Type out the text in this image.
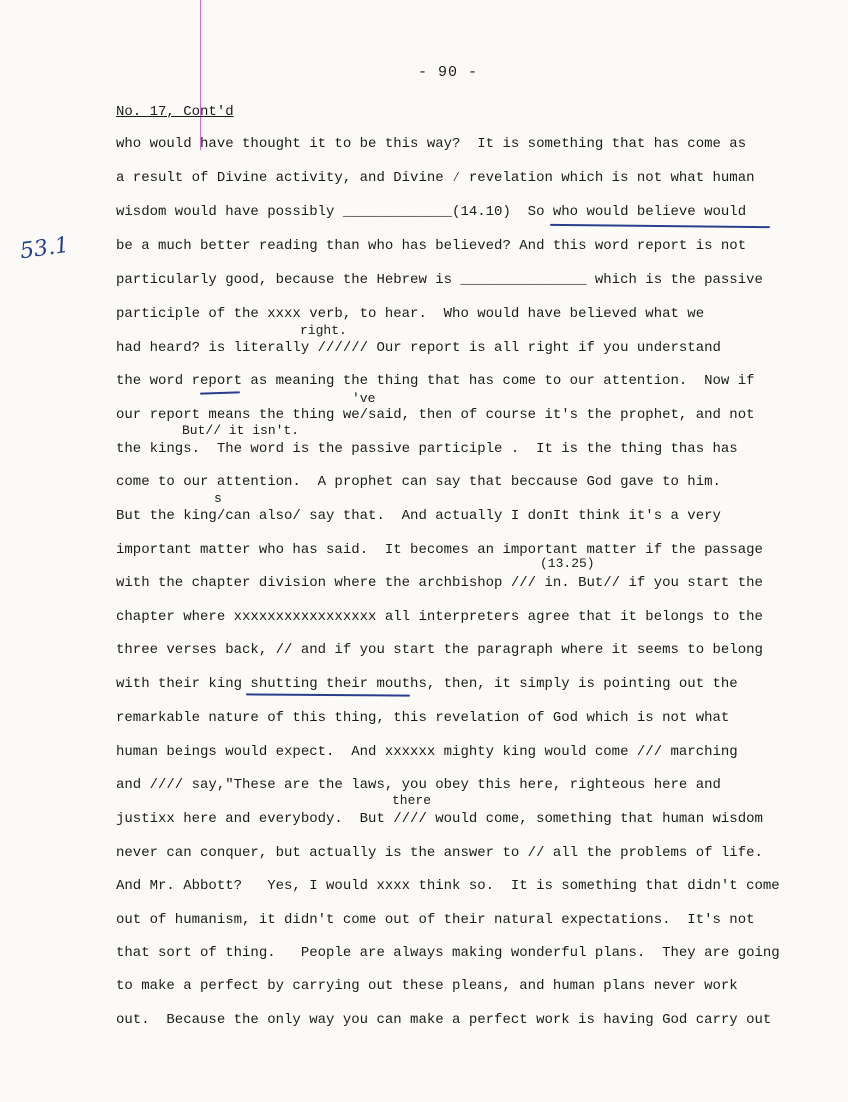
- 90 -
No. 17, Cont'd
53.1
who would have thought it to be this way?  It is something that has come as
a result of Divine activity, and Divine ⁄ revelation which is not what human
wisdom would have possibly _____________(14.10)  So who would believe would
be a much better reading than who has believed? And this word report is not
particularly good, because the Hebrew is _______________ which is the passive
participle of the xxxx verb, to hear.  Who would have believed what we
had heard? is literally ////// Our report is all right if you understand
the word report as meaning the thing that has come to our attention.  Now if
our report means the thing we/said, then of course it's the prophet, and not
the kings.  The word is the passive participle .  It is the thing thas has
come to our attention.  A prophet can say that beccause God gave to him.
But the king/can also/ say that.  And actually I donIt think it's a very
important matter who has said.  It becomes an important matter if the passage
with the chapter division where the archbishop /// in. But// if you start the
chapter where xxxxxxxxxxxxxxxxx all interpreters agree that it belongs to the
three verses back, // and if you start the paragraph where it seems to belong
with their king shutting their mouths, then, it simply is pointing out the
remarkable nature of this thing, this revelation of God which is not what
human beings would expect.  And xxxxxx mighty king would come /// marching
and //// say,"These are the laws, you obey this here, righteous here and
justixx here and everybody.  But //// would come, something that human wisdom
never can conquer, but actually is the answer to // all the problems of life.
And Mr. Abbott?   Yes, I would xxxx think so.  It is something that didn't come
out of humanism, it didn't come out of their natural expectations.  It's not
that sort of thing.   People are always making wonderful plans.  They are going
to make a perfect by carrying out these pleans, and human plans never work
out.  Because the only way you can make a perfect work is having God carry out
right.
've
But// it isn't.
s
(13.25)
there
